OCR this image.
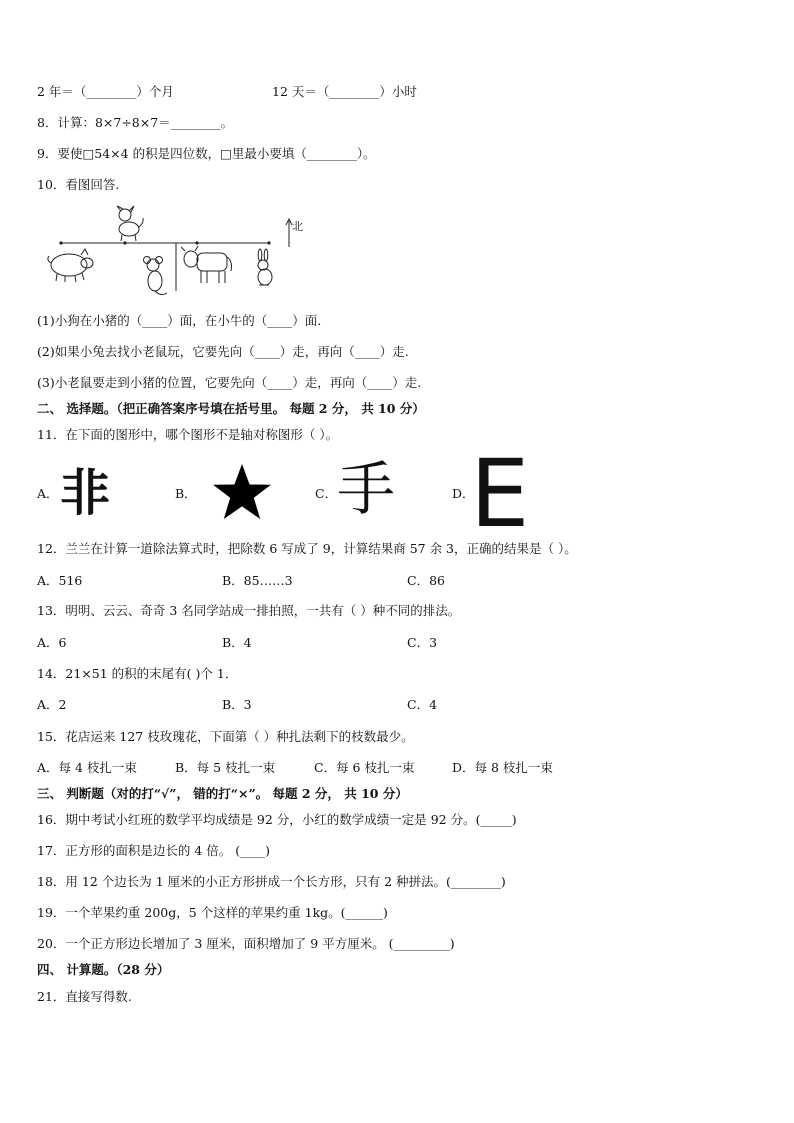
2 年＝（________）个月	12 天＝（________）小时
8．计算：8×7÷8×7＝________。
9．要使□54×4 的积是四位数，□里最小要填（________）。
10．看图回答.
北
(1)小狗在小猪的（____）面，在小牛的（____）面.
(2)如果小兔去找小老鼠玩，它要先向（____）走，再向（____）走.
(3)小老鼠要走到小猪的位置，它要先向（____）走，再向（____）走.
二、 选择题。（把正确答案序号填在括号里。 每题 2 分， 共 10 分）
11．在下面的图形中，哪个图形不是轴对称图形（ ）。
A． 非	B．	C． 手	D．
E
12．兰兰在计算一道除法算式时，把除数 6 写成了 9，计算结果商 57 余 3，正确的结果是（ ）。
A．516	B．85……3	C．86
13．明明、云云、奇奇 3 名同学站成一排拍照，一共有（ ）种不同的排法。
A．6	B．4	C．3
14．21×51 的积的末尾有( )个 1．
A．2	B．3	C．4
15．花店运来 127 枝玫瑰花，下面第（ ）种扎法剩下的枝数最少。
A．每 4 枝扎一束	B．每 5 枝扎一束	C．每 6 枝扎一束	D．每 8 枝扎一束
三、 判断题（对的打“√”， 错的打“×”。 每题 2 分， 共 10 分）
16．期中考试小红班的数学平均成绩是 92 分，小红的数学成绩一定是 92 分。(_____)
17．正方形的面积是边长的 4 倍。 (____)
18．用 12 个边长为 1 厘米的小正方形拼成一个长方形，只有 2 种拼法。(________)
19．一个苹果约重 200g，5 个这样的苹果约重 1kg。(______)
20．一个正方形边长增加了 3 厘米，面积增加了 9 平方厘米。 (_________)
四、 计算题。（28 分）
21．直接写得数.
